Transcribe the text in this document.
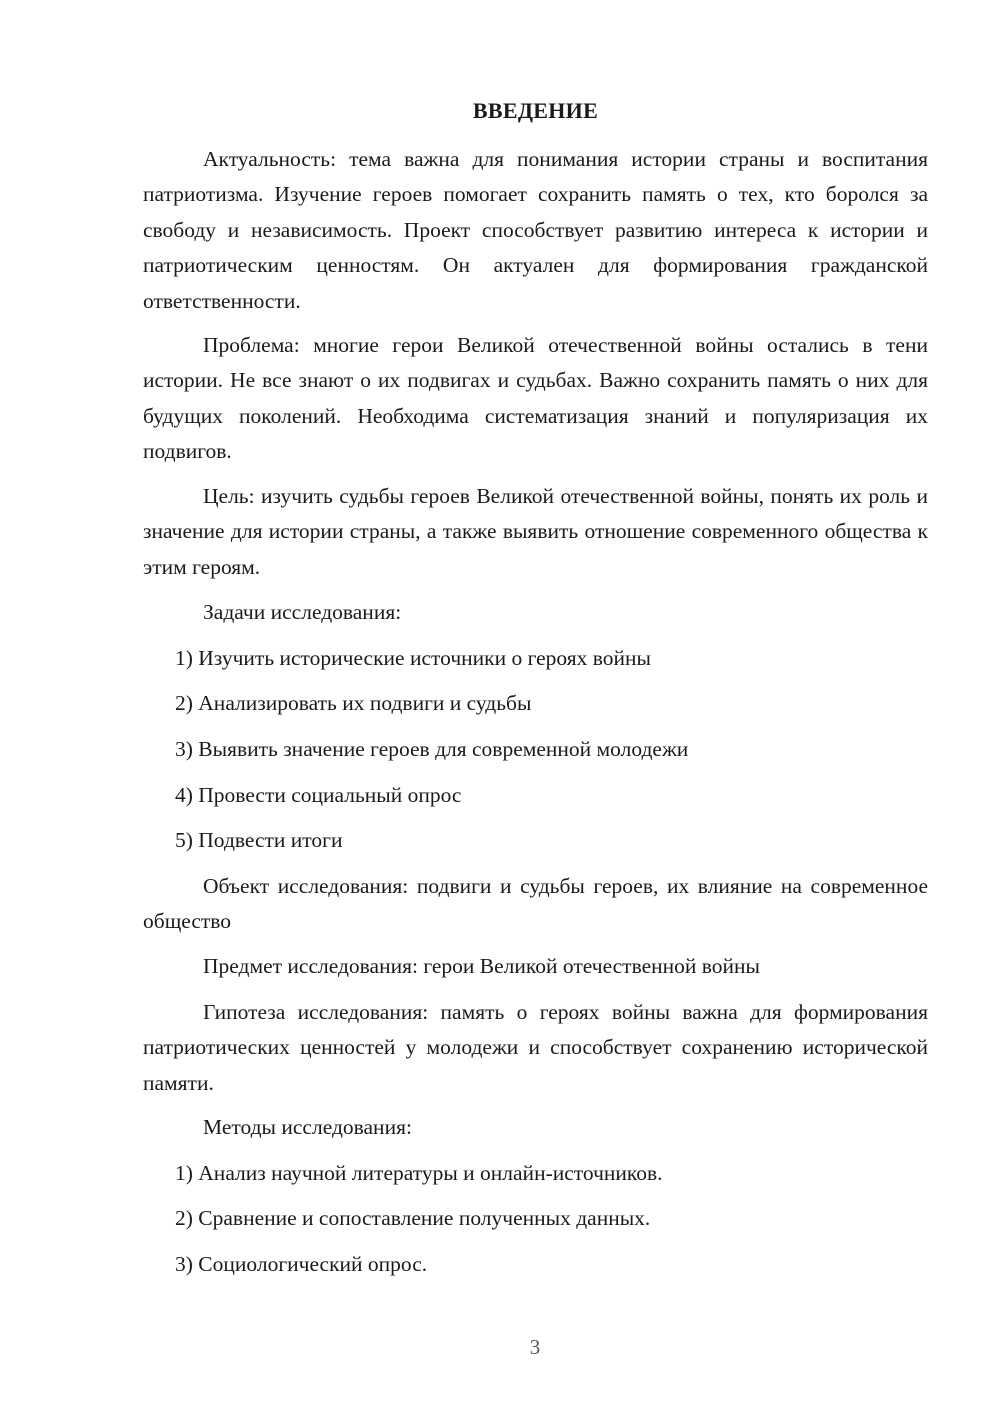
ВВЕДЕНИЕ
Актуальность: тема важна для понимания истории страны и воспитания патриотизма. Изучение героев помогает сохранить память о тех, кто боролся за свободу и независимость. Проект способствует развитию интереса к истории и патриотическим ценностям. Он актуален для формирования гражданской ответственности.
Проблема: многие герои Великой отечественной войны остались в тени истории. Не все знают о их подвигах и судьбах. Важно сохранить память о них для будущих поколений. Необходима систематизация знаний и популяризация их подвигов.
Цель: изучить судьбы героев Великой отечественной войны, понять их роль и значение для истории страны, а также выявить отношение современного общества к этим героям.
Задачи исследования:
1) Изучить исторические источники о героях войны
2) Анализировать их подвиги и судьбы
3) Выявить значение героев для современной молодежи
4) Провести социальный опрос
5) Подвести итоги
Объект исследования: подвиги и судьбы героев, их влияние на современное общество
Предмет исследования: герои Великой отечественной войны
Гипотеза исследования: память о героях войны важна для формирования патриотических ценностей у молодежи и способствует сохранению исторической памяти.
Методы исследования:
1) Анализ научной литературы и онлайн-источников.
2) Сравнение и сопоставление полученных данных.
3) Социологический опрос.
3
